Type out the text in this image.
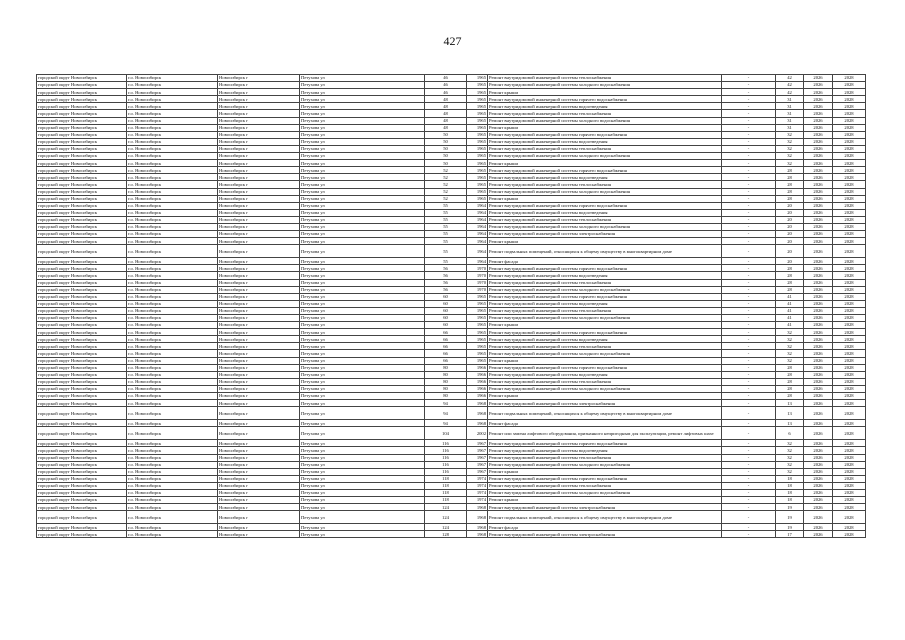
427
городской округ Новосибирск	г.о. Новосибирск	Новосибирск г	Петухова ул	46	1965	Ремонт внутридомовой инженерной системы теплоснабжения	-	42	2026	2028
городской округ Новосибирск	г.о. Новосибирск	Новосибирск г	Петухова ул	46	1965	Ремонт внутридомовой инженерной системы холодного водоснабжения	-	42	2026	2028
городской округ Новосибирск	г.о. Новосибирск	Новосибирск г	Петухова ул	46	1965	Ремонт крыши	-	42	2026	2028
городской округ Новосибирск	г.о. Новосибирск	Новосибирск г	Петухова ул	48	1965	Ремонт внутридомовой инженерной системы горячего водоснабжения	-	31	2026	2028
городской округ Новосибирск	г.о. Новосибирск	Новосибирск г	Петухова ул	48	1965	Ремонт внутридомовой инженерной системы водоотведения	-	31	2026	2028
городской округ Новосибирск	г.о. Новосибирск	Новосибирск г	Петухова ул	48	1965	Ремонт внутридомовой инженерной системы теплоснабжения	-	31	2026	2028
городской округ Новосибирск	г.о. Новосибирск	Новосибирск г	Петухова ул	48	1965	Ремонт внутридомовой инженерной системы холодного водоснабжения	-	31	2026	2028
городской округ Новосибирск	г.о. Новосибирск	Новосибирск г	Петухова ул	48	1965	Ремонт крыши	-	31	2026	2028
городской округ Новосибирск	г.о. Новосибирск	Новосибирск г	Петухова ул	50	1965	Ремонт внутридомовой инженерной системы горячего водоснабжения	-	32	2026	2028
городской округ Новосибирск	г.о. Новосибирск	Новосибирск г	Петухова ул	50	1965	Ремонт внутридомовой инженерной системы водоотведения	-	32	2026	2028
городской округ Новосибирск	г.о. Новосибирск	Новосибирск г	Петухова ул	50	1965	Ремонт внутридомовой инженерной системы теплоснабжения	-	32	2026	2028
городской округ Новосибирск	г.о. Новосибирск	Новосибирск г	Петухова ул	50	1965	Ремонт внутридомовой инженерной системы холодного водоснабжения	-	32	2026	2028
городской округ Новосибирск	г.о. Новосибирск	Новосибирск г	Петухова ул	50	1965	Ремонт крыши	-	32	2026	2028
городской округ Новосибирск	г.о. Новосибирск	Новосибирск г	Петухова ул	52	1965	Ремонт внутридомовой инженерной системы горячего водоснабжения	-	28	2026	2028
городской округ Новосибирск	г.о. Новосибирск	Новосибирск г	Петухова ул	52	1965	Ремонт внутридомовой инженерной системы водоотведения	-	28	2026	2028
городской округ Новосибирск	г.о. Новосибирск	Новосибирск г	Петухова ул	52	1965	Ремонт внутридомовой инженерной системы теплоснабжения	-	28	2026	2028
городской округ Новосибирск	г.о. Новосибирск	Новосибирск г	Петухова ул	52	1965	Ремонт внутридомовой инженерной системы холодного водоснабжения	-	28	2026	2028
городской округ Новосибирск	г.о. Новосибирск	Новосибирск г	Петухова ул	52	1965	Ремонт крыши	-	28	2026	2028
городской округ Новосибирск	г.о. Новосибирск	Новосибирск г	Петухова ул	55	1964	Ремонт внутридомовой инженерной системы горячего водоснабжения	-	20	2026	2028
городской округ Новосибирск	г.о. Новосибирск	Новосибирск г	Петухова ул	55	1964	Ремонт внутридомовой инженерной системы водоотведения	-	20	2026	2028
городской округ Новосибирск	г.о. Новосибирск	Новосибирск г	Петухова ул	55	1964	Ремонт внутридомовой инженерной системы теплоснабжения	-	20	2026	2028
городской округ Новосибирск	г.о. Новосибирск	Новосибирск г	Петухова ул	55	1964	Ремонт внутридомовой инженерной системы холодного водоснабжения	-	20	2026	2028
городской округ Новосибирск	г.о. Новосибирск	Новосибирск г	Петухова ул	55	1964	Ремонт внутридомовой инженерной системы электроснабжения	-	20	2026	2028
городской округ Новосибирск	г.о. Новосибирск	Новосибирск г	Петухова ул	55	1964	Ремонт крыши	-	20	2026	2028
городской округ Новосибирск	г.о. Новосибирск	Новосибирск г	Петухова ул	55	1964	Ремонт подвальных помещений, относящихся к общему имуществу в многоквартирном доме	-	20	2026	2028
городской округ Новосибирск	г.о. Новосибирск	Новосибирск г	Петухова ул	55	1964	Ремонт фасада	-	20	2026	2028
городской округ Новосибирск	г.о. Новосибирск	Новосибирск г	Петухова ул	56	1970	Ремонт внутридомовой инженерной системы горячего водоснабжения	-	28	2026	2028
городской округ Новосибирск	г.о. Новосибирск	Новосибирск г	Петухова ул	56	1970	Ремонт внутридомовой инженерной системы водоотведения	-	28	2026	2028
городской округ Новосибирск	г.о. Новосибирск	Новосибирск г	Петухова ул	56	1970	Ремонт внутридомовой инженерной системы теплоснабжения	-	28	2026	2028
городской округ Новосибирск	г.о. Новосибирск	Новосибирск г	Петухова ул	56	1970	Ремонт внутридомовой инженерной системы холодного водоснабжения	-	28	2026	2028
городской округ Новосибирск	г.о. Новосибирск	Новосибирск г	Петухова ул	60	1965	Ремонт внутридомовой инженерной системы горячего водоснабжения	-	41	2026	2028
городской округ Новосибирск	г.о. Новосибирск	Новосибирск г	Петухова ул	60	1965	Ремонт внутридомовой инженерной системы водоотведения	-	41	2026	2028
городской округ Новосибирск	г.о. Новосибирск	Новосибирск г	Петухова ул	60	1965	Ремонт внутридомовой инженерной системы теплоснабжения	-	41	2026	2028
городской округ Новосибирск	г.о. Новосибирск	Новосибирск г	Петухова ул	60	1965	Ремонт внутридомовой инженерной системы холодного водоснабжения	-	41	2026	2028
городской округ Новосибирск	г.о. Новосибирск	Новосибирск г	Петухова ул	60	1965	Ремонт крыши	-	41	2026	2028
городской округ Новосибирск	г.о. Новосибирск	Новосибирск г	Петухова ул	66	1965	Ремонт внутридомовой инженерной системы горячего водоснабжения	-	32	2026	2028
городской округ Новосибирск	г.о. Новосибирск	Новосибирск г	Петухова ул	66	1965	Ремонт внутридомовой инженерной системы водоотведения	-	32	2026	2028
городской округ Новосибирск	г.о. Новосибирск	Новосибирск г	Петухова ул	66	1965	Ремонт внутридомовой инженерной системы теплоснабжения	-	32	2026	2028
городской округ Новосибирск	г.о. Новосибирск	Новосибирск г	Петухова ул	66	1965	Ремонт внутридомовой инженерной системы холодного водоснабжения	-	32	2026	2028
городской округ Новосибирск	г.о. Новосибирск	Новосибирск г	Петухова ул	66	1965	Ремонт крыши	-	32	2026	2028
городской округ Новосибирск	г.о. Новосибирск	Новосибирск г	Петухова ул	80	1966	Ремонт внутридомовой инженерной системы горячего водоснабжения	-	28	2026	2028
городской округ Новосибирск	г.о. Новосибирск	Новосибирск г	Петухова ул	80	1966	Ремонт внутридомовой инженерной системы водоотведения	-	28	2026	2028
городской округ Новосибирск	г.о. Новосибирск	Новосибирск г	Петухова ул	80	1966	Ремонт внутридомовой инженерной системы теплоснабжения	-	28	2026	2028
городской округ Новосибирск	г.о. Новосибирск	Новосибирск г	Петухова ул	80	1966	Ремонт внутридомовой инженерной системы холодного водоснабжения	-	28	2026	2028
городской округ Новосибирск	г.о. Новосибирск	Новосибирск г	Петухова ул	80	1966	Ремонт крыши	-	28	2026	2028
городской округ Новосибирск	г.о. Новосибирск	Новосибирск г	Петухова ул	94	1968	Ремонт внутридомовой инженерной системы электроснабжения	-	13	2026	2028
городской округ Новосибирск	г.о. Новосибирск	Новосибирск г	Петухова ул	94	1968	Ремонт подвальных помещений, относящихся к общему имуществу в многоквартирном доме	-	13	2026	2028
городской округ Новосибирск	г.о. Новосибирск	Новосибирск г	Петухова ул	94	1968	Ремонт фасада	-	13	2026	2028
городской округ Новосибирск	г.о. Новосибирск	Новосибирск г	Петухова ул	104	2002	Ремонт или замена лифтового оборудования, признанного непригодным для эксплуатации, ремонт лифтовых шахт	-	6	2026	2028
городской округ Новосибирск	г.о. Новосибирск	Новосибирск г	Петухова ул	116	1967	Ремонт внутридомовой инженерной системы горячего водоснабжения	-	32	2026	2028
городской округ Новосибирск	г.о. Новосибирск	Новосибирск г	Петухова ул	116	1967	Ремонт внутридомовой инженерной системы водоотведения	-	32	2026	2028
городской округ Новосибирск	г.о. Новосибирск	Новосибирск г	Петухова ул	116	1967	Ремонт внутридомовой инженерной системы теплоснабжения	-	32	2026	2028
городской округ Новосибирск	г.о. Новосибирск	Новосибирск г	Петухова ул	116	1967	Ремонт внутридомовой инженерной системы холодного водоснабжения	-	32	2026	2028
городской округ Новосибирск	г.о. Новосибирск	Новосибирск г	Петухова ул	116	1967	Ремонт крыши	-	32	2026	2028
городской округ Новосибирск	г.о. Новосибирск	Новосибирск г	Петухова ул	118	1974	Ремонт внутридомовой инженерной системы горячего водоснабжения	-	18	2026	2028
городской округ Новосибирск	г.о. Новосибирск	Новосибирск г	Петухова ул	118	1974	Ремонт внутридомовой инженерной системы теплоснабжения	-	18	2026	2028
городской округ Новосибирск	г.о. Новосибирск	Новосибирск г	Петухова ул	118	1974	Ремонт внутридомовой инженерной системы холодного водоснабжения	-	18	2026	2028
городской округ Новосибирск	г.о. Новосибирск	Новосибирск г	Петухова ул	118	1974	Ремонт крыши	-	18	2026	2028
городской округ Новосибирск	г.о. Новосибирск	Новосибирск г	Петухова ул	124	1968	Ремонт внутридомовой инженерной системы электроснабжения	-	19	2026	2028
городской округ Новосибирск	г.о. Новосибирск	Новосибирск г	Петухова ул	124	1968	Ремонт подвальных помещений, относящихся к общему имуществу в многоквартирном доме	-	19	2026	2028
городской округ Новосибирск	г.о. Новосибирск	Новосибирск г	Петухова ул	124	1968	Ремонт фасада	-	19	2026	2028
городской округ Новосибирск	г.о. Новосибирск	Новосибирск г	Петухова ул	128	1968	Ремонт внутридомовой инженерной системы электроснабжения	-	17	2026	2028
